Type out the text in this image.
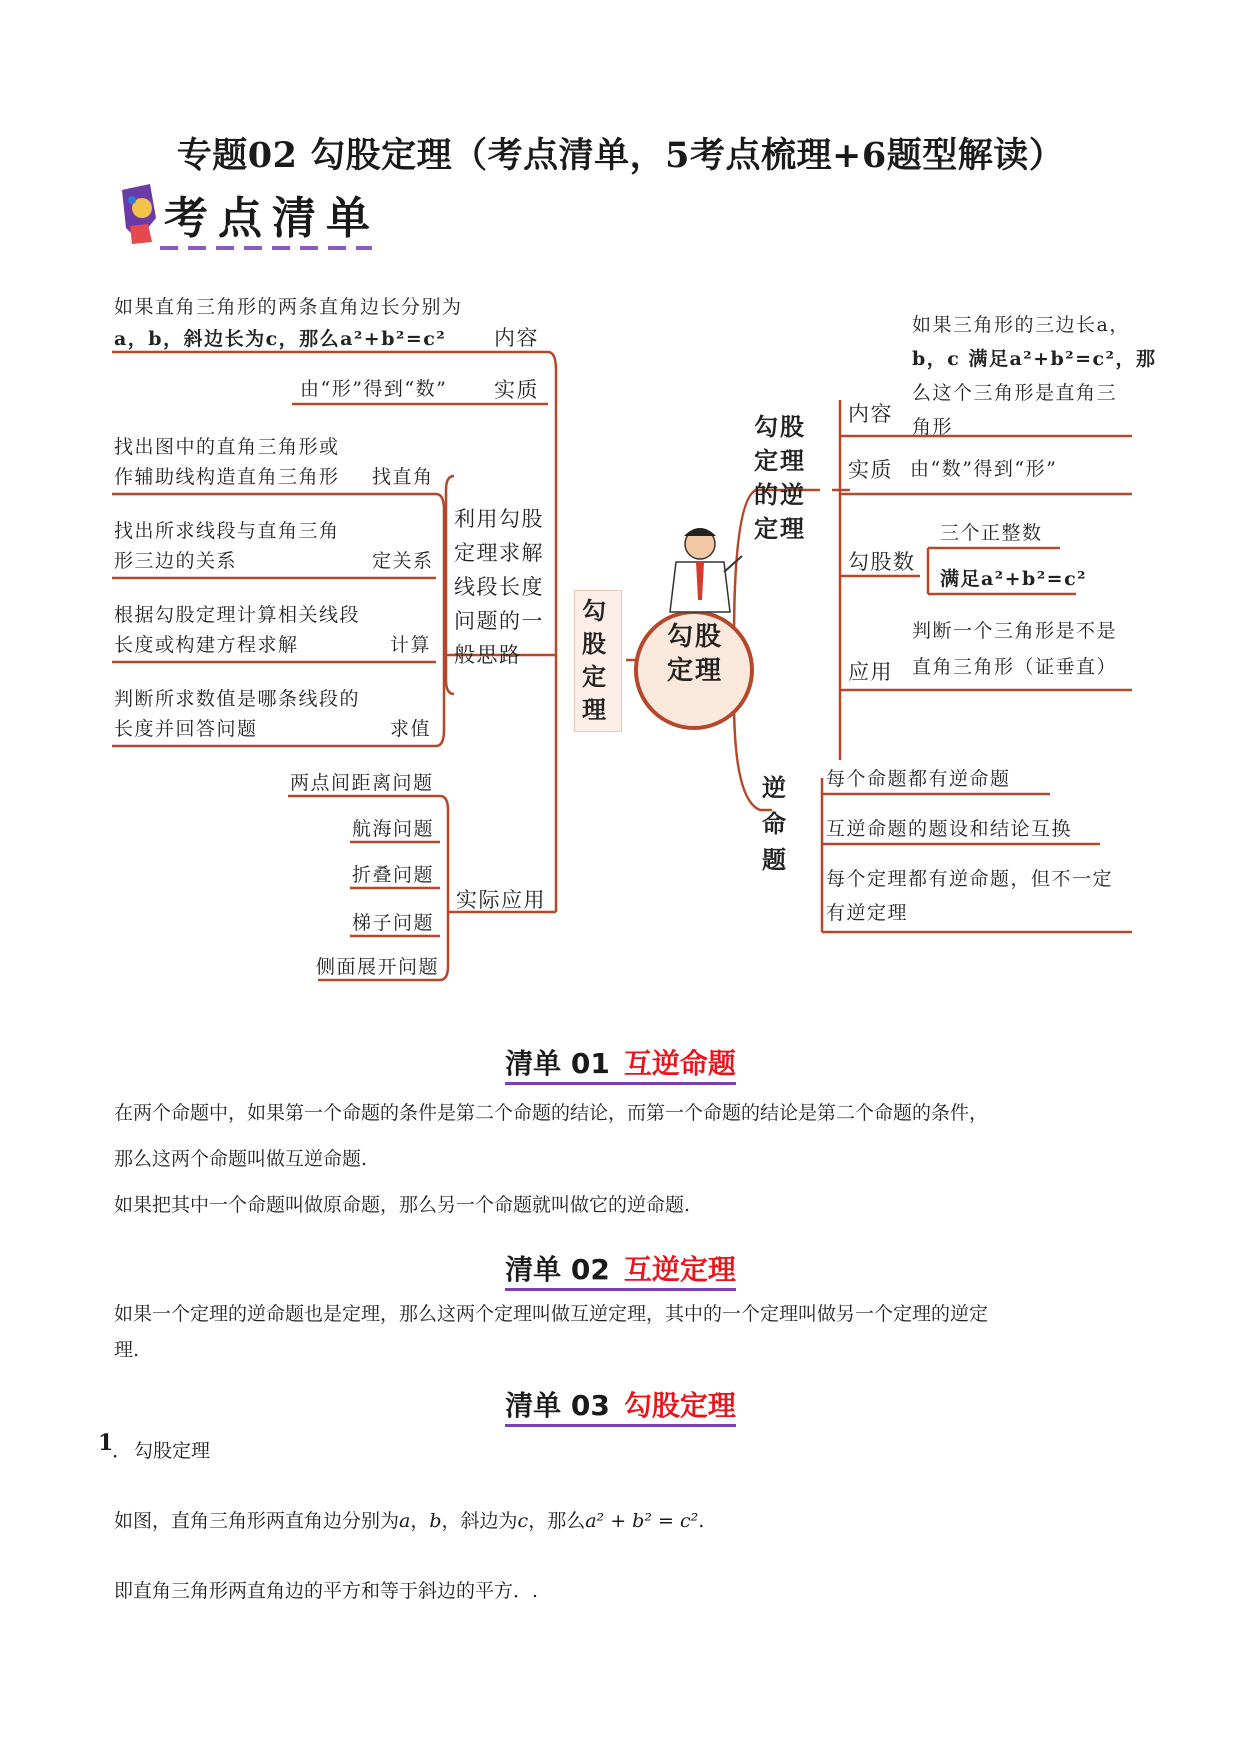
专题02 勾股定理（考点清单，5考点梳理+6题型解读）
考点清单
勾股定理
勾股定理
如果直角三角形的两条直角边长分别为
a，b，斜边长为c，那么a²+b²=c² 内容
由“形”得到“数” 实质
利用勾股
定理求解
线段长度
问题的一
般思路
找出图中的直角三角形或
作辅助线构造直角三角形 找直角
找出所求线段与直角三角
形三边的关系	定关系
根据勾股定理计算相关线段
长度或构建方程求解	计算
判断所求数值是哪条线段的
长度并回答问题	求值
两点间距离问题
航海问题
折叠问题
梯子问题
侧面展开问题
实际应用
勾股
定理
的逆
定理
内容
如果三角形的三边长a，
b，c 满足a²+b²=c²，那
么这个三角形是直角三
角形
实质 由“数”得到“形”
勾股数
三个正整数
满足a²+b²=c²
应用
判断一个三角形是不是
直角三角形（证垂直）
逆
命
题
每个命题都有逆命题
互逆命题的题设和结论互换
每个定理都有逆命题，但不一定
有逆定理
清单 01 互逆命题
在两个命题中，如果第一个命题的条件是第二个命题的结论，而第一个命题的结论是第二个命题的条件，
那么这两个命题叫做互逆命题.
如果把其中一个命题叫做原命题，那么另一个命题就叫做它的逆命题.
清单 02 互逆定理
如果一个定理的逆命题也是定理，那么这两个定理叫做互逆定理，其中的一个定理叫做另一个定理的逆定
理.
清单 03 勾股定理
1
． 勾股定理
如图，直角三角形两直角边分别为a，b，斜边为c，那么a² + b² = c².
即直角三角形两直角边的平方和等于斜边的平方．.
